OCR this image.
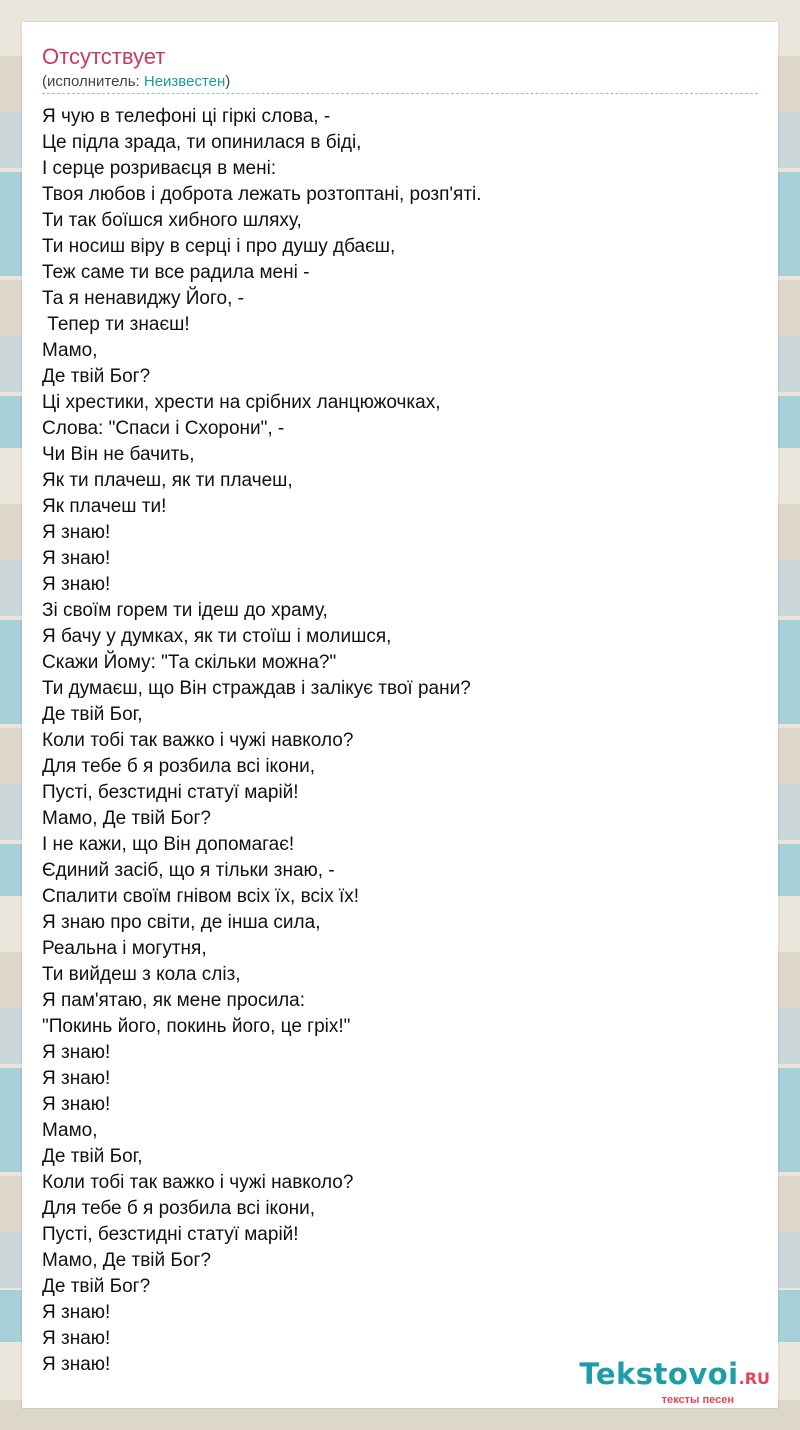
Отсутствует
(исполнитель: Неизвестен)
Я чую в телефоні ці гіркі слова, -
Це підла зрада, ти опинилася в біді,
І серце розриваєця в мені:
Твоя любов і доброта лежать розтоптані, розп'яті.
Ти так боїшся хибного шляху,
Ти носиш віру в серці і про душу дбаєш,
Теж саме ти все радила мені -
Та я ненавиджу Його, -
Тепер ти знаєш!
Мамо,
Де твій Бог?
Ці хрестики, хрести на срібних ланцюжочках,
Слова: "Спаси і Схорони", -
Чи Він не бачить,
Як ти плачеш, як ти плачеш,
Як плачеш ти!
Я знаю!
Я знаю!
Я знаю!
Зі своїм горем ти ідеш до храму,
Я бачу у думках, як ти стоїш і молишся,
Скажи Йому: "Та скільки можна?"
Ти думаєш, що Він страждав і залікує твої рани?
Де твій Бог,
Коли тобі так важко і чужі навколо?
Для тебе б я розбила всі ікони,
Пусті, безстидні статуї марій!
Мамо, Де твій Бог?
І не кажи, що Він допомагає!
Єдиний засіб, що я тільки знаю, -
Спалити своїм гнівом всіх їх, всіх їх!
Я знаю про світи, де інша сила,
Реальна і могутня,
Ти вийдеш з кола сліз,
Я пам'ятаю, як мене просила:
"Покинь його, покинь його, це гріх!"
Я знаю!
Я знаю!
Я знаю!
Мамо,
Де твій Бог,
Коли тобі так важко і чужі навколо?
Для тебе б я розбила всі ікони,
Пусті, безстидні статуї марій!
Мамо, Де твій Бог?
Де твій Бог?
Я знаю!
Я знаю!
Я знаю!	Tekstovoi.RU
тексты песен
